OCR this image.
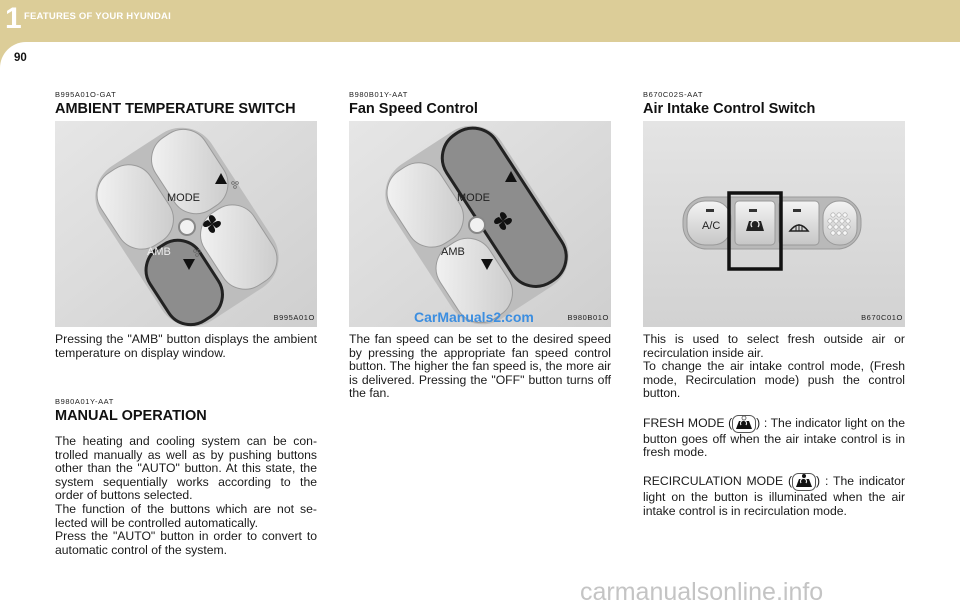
1 FEATURES OF YOUR HYUNDAI
90
B995A01O-GAT
AMBIENT TEMPERATURE SWITCH
MODE
AMB
B995A01O

Pressing the "AMB" button displays the ambient temperature on display window.

B980A01Y-AAT
MANUAL OPERATION
The heating and cooling system can be con-trolled manually as well as by pushing buttons other than the "AUTO" button. At this state, the system sequentially works according to the order of buttons selected.
The function of the buttons which are not se-lected will be controlled automatically.
Press the "AUTO" button in order to convert to automatic control of the system.
B980B01Y-AAT
Fan Speed Control
MODE
AMB
CarManuals2.com	B980B01O
The fan speed can be set to the desired speed by pressing the appropriate fan speed control button. The higher the fan speed is, the more air is delivered. Pressing the "OFF" button turns off the fan.
B670C02S-AAT
Air Intake Control Switch
A/C
B670C01O
This is used to select fresh outside air or recirculation inside air.

To change the air intake control mode, (Fresh mode, Recirculation mode) push the control button.

FRESH MODE ( ) : The indicator light on the button goes off when the air intake control is in fresh mode.

RECIRCULATION MODE ( ) : The indicator light on the button is illuminated when the air intake control is in recirculation mode.

carmanualsonline.info
